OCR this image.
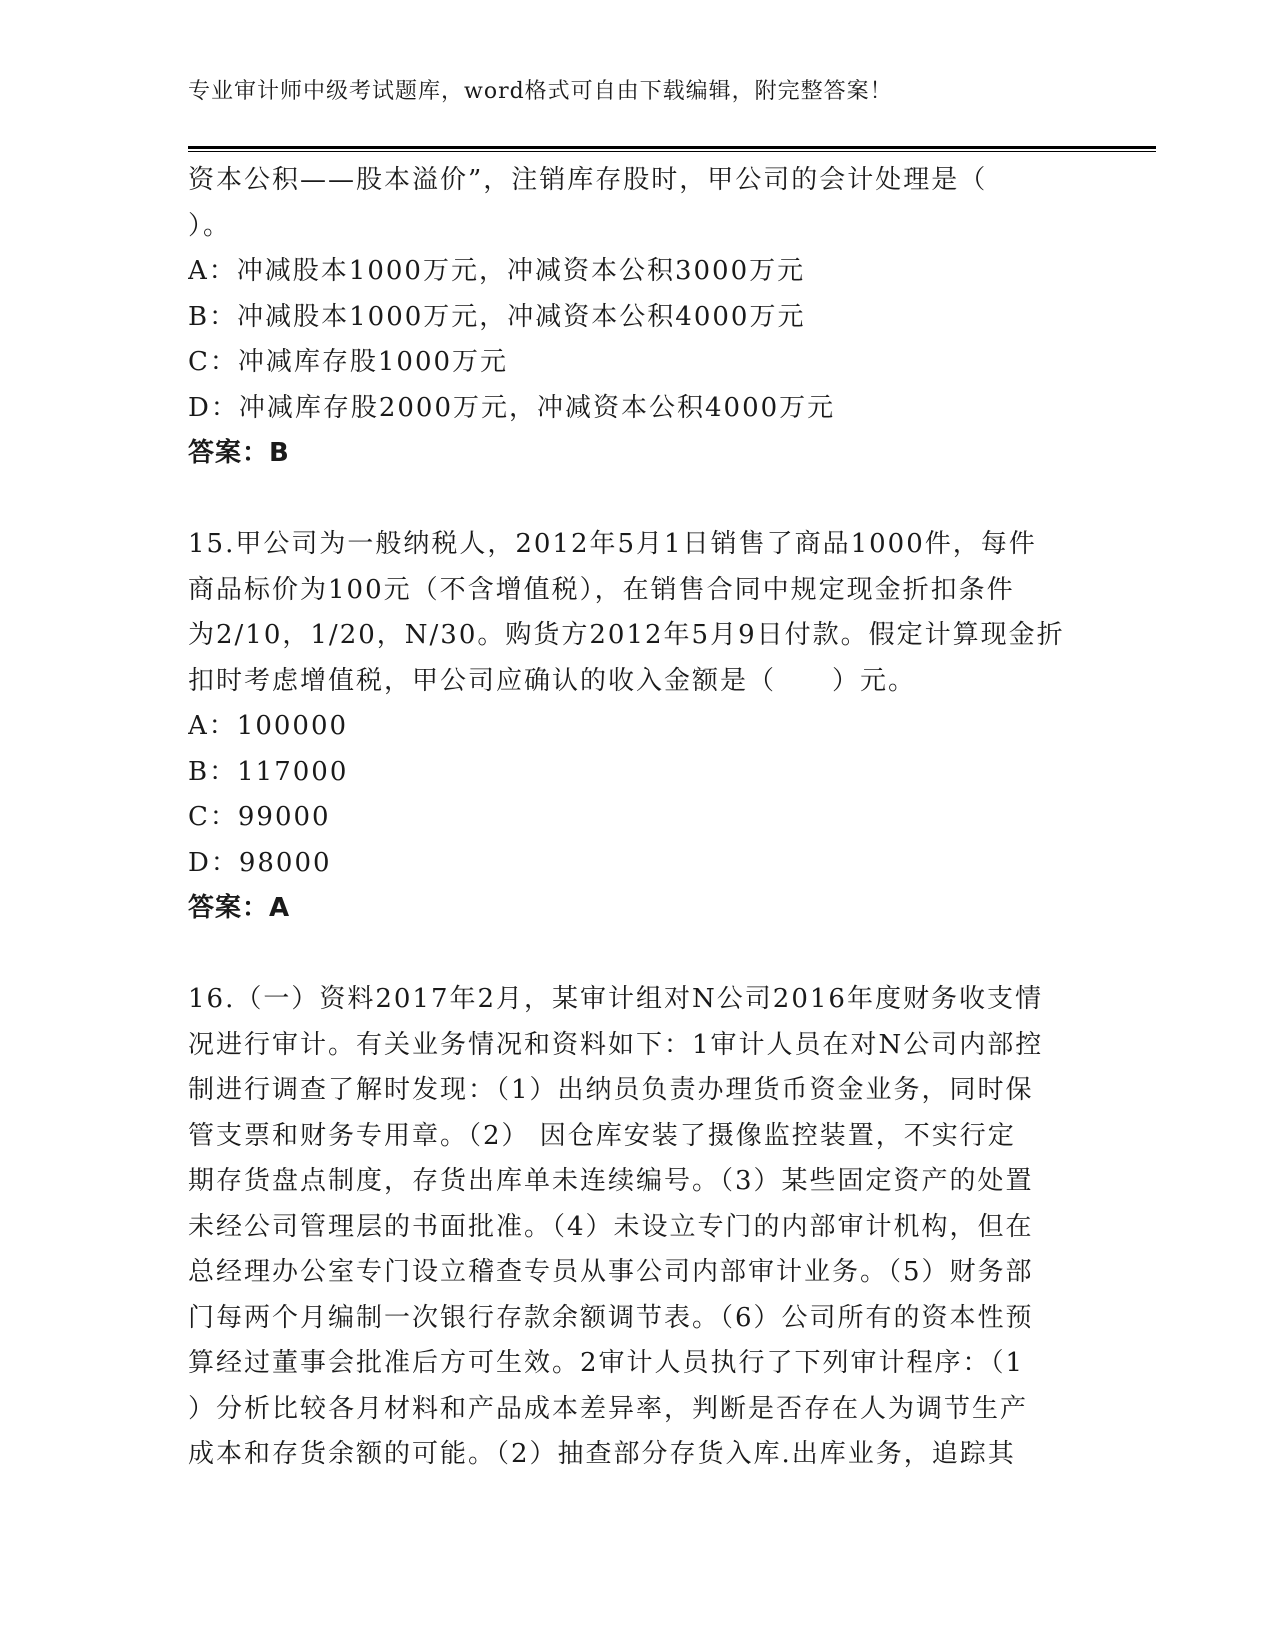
专业审计师中级考试题库，word格式可自由下载编辑，附完整答案！
资本公积——股本溢价”，注销库存股时，甲公司的会计处理是（
）。
A：冲减股本1000万元，冲减资本公积3000万元
B：冲减股本1000万元，冲减资本公积4000万元
C：冲减库存股1000万元
D：冲减库存股2000万元，冲减资本公积4000万元
答案：B
15.甲公司为一般纳税人，2012年5月1日销售了商品1000件，每件
商品标价为100元（不含增值税），在销售合同中规定现金折扣条件
为2/10，1/20，N/30。购货方2012年5月9日付款。假定计算现金折
扣时考虑增值税，甲公司应确认的收入金额是（　　）元。
A：100000
B：117000
C：99000
D：98000
答案：A
16.（一）资料2017年2月，某审计组对N公司2016年度财务收支情
况进行审计。有关业务情况和资料如下：1审计人员在对N公司内部控
制进行调查了解时发现：（1）出纳员负责办理货币资金业务，同时保
管支票和财务专用章。（2） 因仓库安装了摄像监控装置，不实行定
期存货盘点制度，存货出库单未连续编号。（3）某些固定资产的处置
未经公司管理层的书面批准。（4）未设立专门的内部审计机构，但在
总经理办公室专门设立稽查专员从事公司内部审计业务。（5）财务部
门每两个月编制一次银行存款余额调节表。（6）公司所有的资本性预
算经过董事会批准后方可生效。2审计人员执行了下列审计程序：（1
）分析比较各月材料和产品成本差异率，判断是否存在人为调节生产
成本和存货余额的可能。（2）抽查部分存货入库.出库业务，追踪其
